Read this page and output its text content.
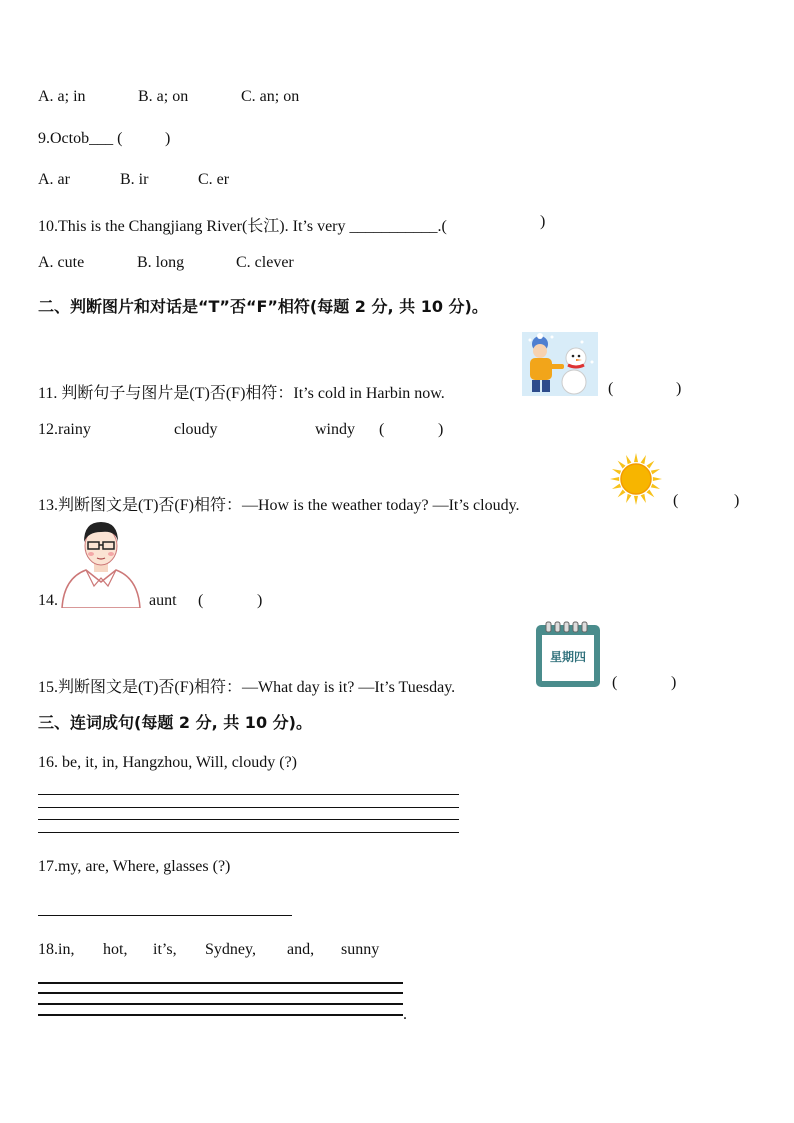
A. a; in	B. a; on	C. an; on
9.Octob___ (	)
A. ar	B. ir	C. er
10.This is the Changjiang River(长江). It’s very ___________.(	)
A. cute	B. long	C. clever
二、判断图片和对话是“T”否“F”相符(每题 2 分, 共 10 分)。
11. 判断句子与图片是(T)否(F)相符：It’s cold in Harbin now.	(	)
12.rainy	cloudy	windy (	)
13.判断图文是(T)否(F)相符：—How is the weather today? —It’s cloudy.	(	)
14.	aunt (	)
星期四
15.判断图文是(T)否(F)相符：—What day is it? —It’s Tuesday.	(	)
三、连词成句(每题 2 分, 共 10 分)。
16. be, it, in, Hangzhou, Will, cloudy (?)
17.my, are, Where, glasses (?)
18.in, hot, it’s, Sydney, and, sunny
.
